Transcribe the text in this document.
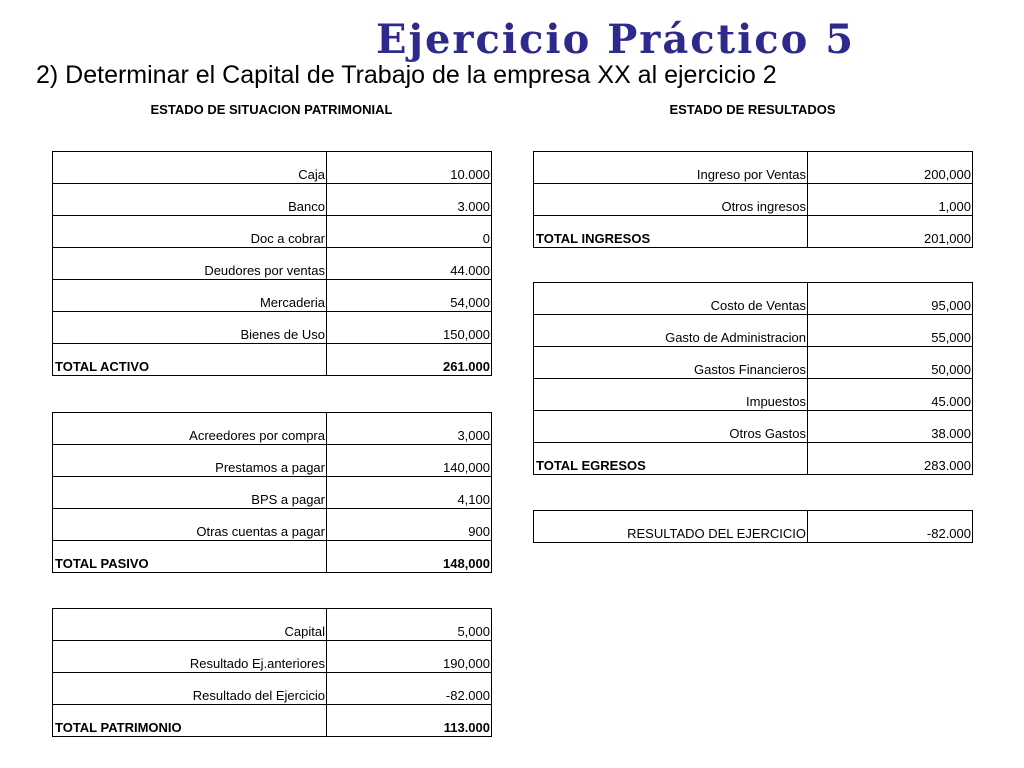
Ejercicio Práctico 5
2) Determinar el Capital de Trabajo de la empresa XX al ejercicio 2
ESTADO DE SITUACION PATRIMONIAL	ESTADO DE RESULTADOS
Caja	10.000
Banco	3.000
Doc a cobrar	0
Deudores por ventas	44.000
Mercaderia	54,000
Bienes de Uso	150,000
TOTAL ACTIVO	261.000
Acreedores por compra	3,000
Prestamos a pagar	140,000
BPS a pagar	4,100
Otras cuentas a pagar	900
TOTAL PASIVO	148,000
Capital	5,000
Resultado Ej.anteriores	190,000
Resultado del Ejercicio	-82.000
TOTAL PATRIMONIO	113.000
Ingreso por Ventas	200,000
Otros ingresos	1,000
TOTAL INGRESOS	201,000
Costo de Ventas	95,000
Gasto de Administracion	55,000
Gastos Financieros	50,000
Impuestos	45.000
Otros Gastos	38.000
TOTAL EGRESOS	283.000
RESULTADO DEL EJERCICIO	-82.000
